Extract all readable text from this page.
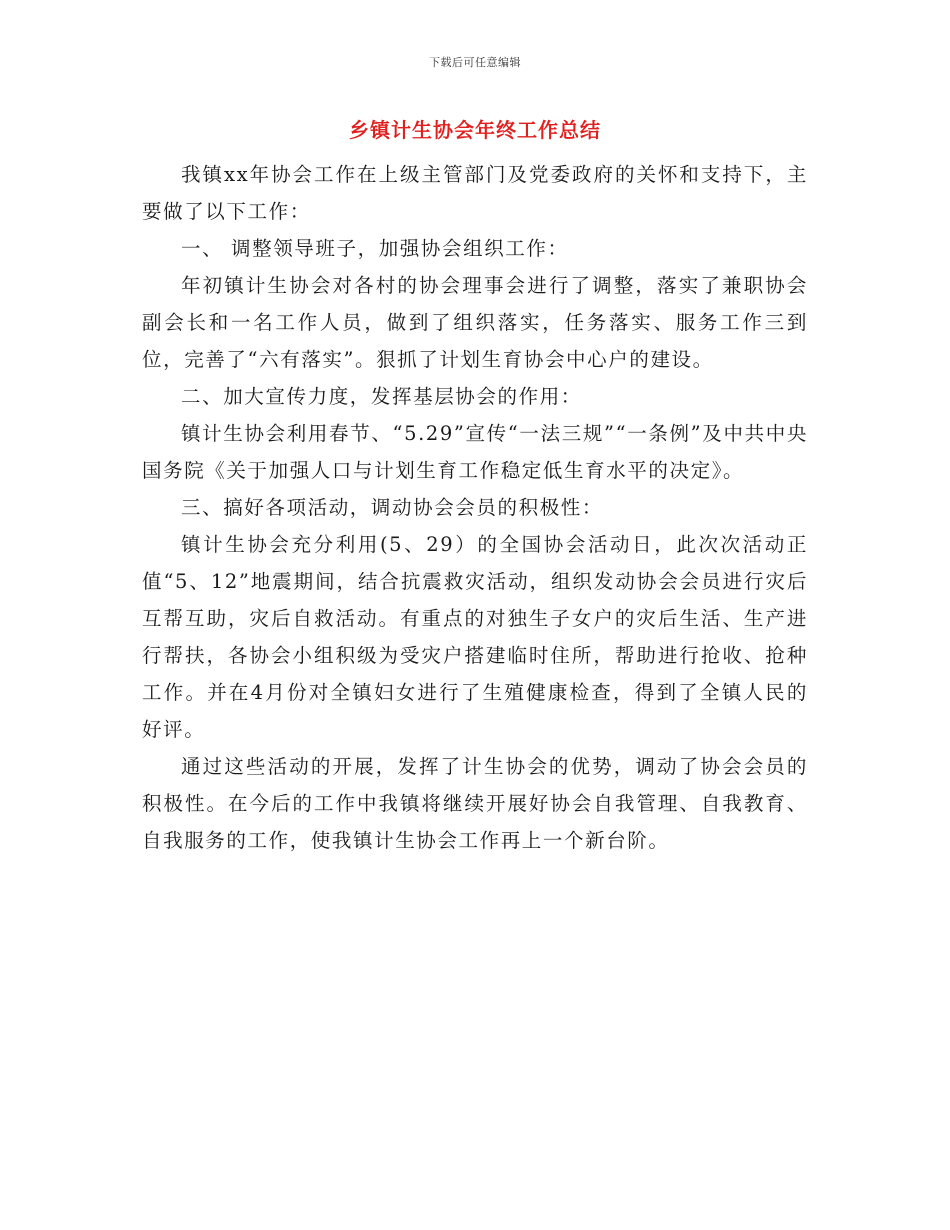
下载后可任意编辑
乡镇计生协会年终工作总结

我镇xx年协会工作在上级主管部门及党委政府的关怀和支持下，主要做了以下工作：

一、 调整领导班子，加强协会组织工作：

年初镇计生协会对各村的协会理事会进行了调整，落实了兼职协会副会长和一名工作人员，做到了组织落实，任务落实、服务工作三到位，完善了“六有落实”。狠抓了计划生育协会中心户的建设。

二、加大宣传力度，发挥基层协会的作用：

镇计生协会利用春节、“5.29”宣传“一法三规”“一条例”及中共中央国务院《关于加强人口与计划生育工作稳定低生育水平的决定》。

三、搞好各项活动，调动协会会员的积极性：

镇计生协会充分利用(5、29）的全国协会活动日，此次次活动正值“5、12”地震期间，结合抗震救灾活动，组织发动协会会员进行灾后互帮互助，灾后自救活动。有重点的对独生子女户的灾后生活、生产进行帮扶，各协会小组积级为受灾户搭建临时住所，帮助进行抢收、抢种工作。并在4月份对全镇妇女进行了生殖健康检查，得到了全镇人民的好评。

通过这些活动的开展，发挥了计生协会的优势，调动了协会会员的积极性。在今后的工作中我镇将继续开展好协会自我管理、自我教育、自我服务的工作，使我镇计生协会工作再上一个新台阶。
